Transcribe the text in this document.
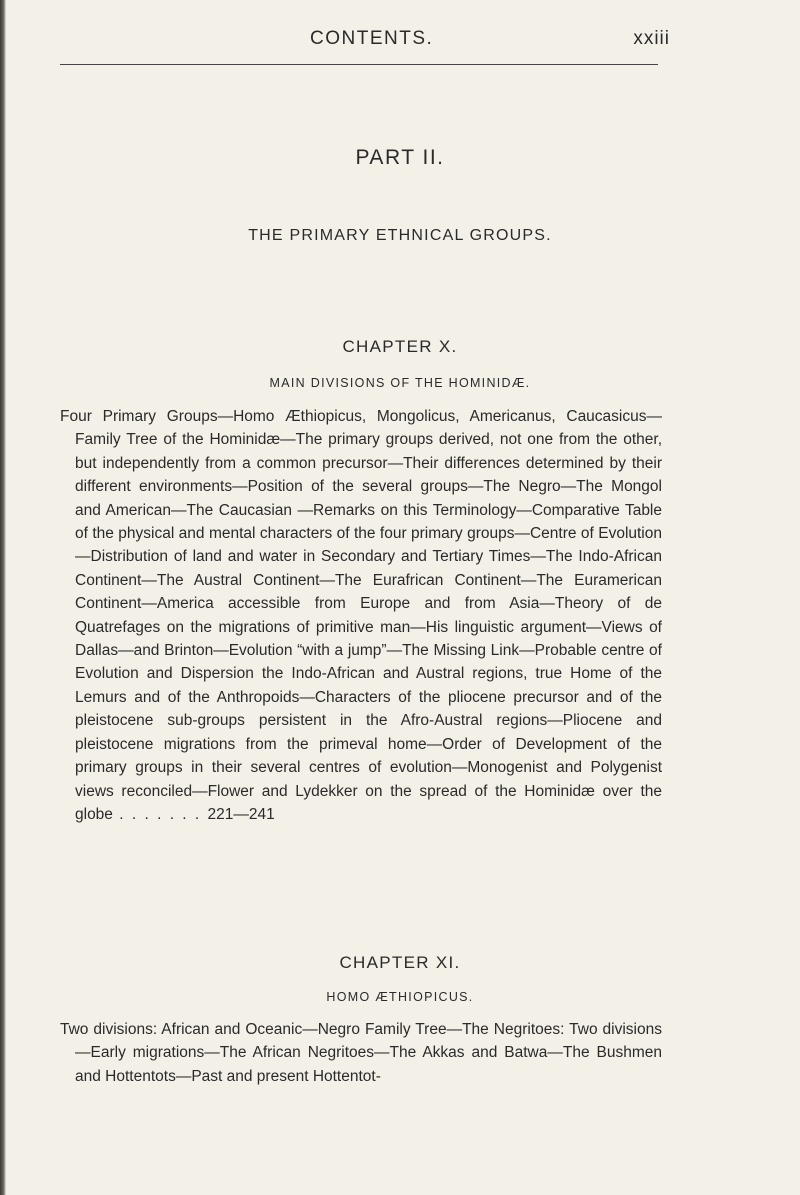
CONTENTS.	xxiii
PART II.
THE PRIMARY ETHNICAL GROUPS.
CHAPTER X.
MAIN DIVISIONS OF THE HOMINIDÆ.
Four Primary Groups—Homo Æthiopicus, Mongolicus, Americanus, Caucasicus—Family Tree of the Hominidæ—The primary groups derived, not one from the other, but independently from a common precursor—Their differences determined by their different environments—Position of the several groups—The Negro—The Mongol and American—The Caucasian —Remarks on this Terminology—Comparative Table of the physical and mental characters of the four primary groups—Centre of Evolution—Distribution of land and water in Secondary and Tertiary Times—The Indo-African Continent—The Austral Continent—The Eurafrican Continent—The Euramerican Continent—America accessible from Europe and from Asia—Theory of de Quatrefages on the migrations of primitive man—His linguistic argument—Views of Dallas—and Brinton—Evolution “with a jump”—The Missing Link—Probable centre of Evolution and Dispersion the Indo-African and Austral regions, true Home of the Lemurs and of the Anthropoids—Characters of the pliocene precursor and of the pleistocene sub-groups persistent in the Afro-Austral regions—Pliocene and pleistocene migrations from the primeval home—Order of Development of the primary groups in their several centres of evolution—Monogenist and Polygenist views reconciled—Flower and Lydekker on the spread of the Hominidæ over the globe . . . . . . . 221—241
CHAPTER XI.
HOMO ÆTHIOPICUS.
Two divisions: African and Oceanic—Negro Family Tree—The Negritoes: Two divisions—Early migrations—The African Negritoes—The Akkas and Batwa—The Bushmen and Hottentots—Past and present Hottentot-
